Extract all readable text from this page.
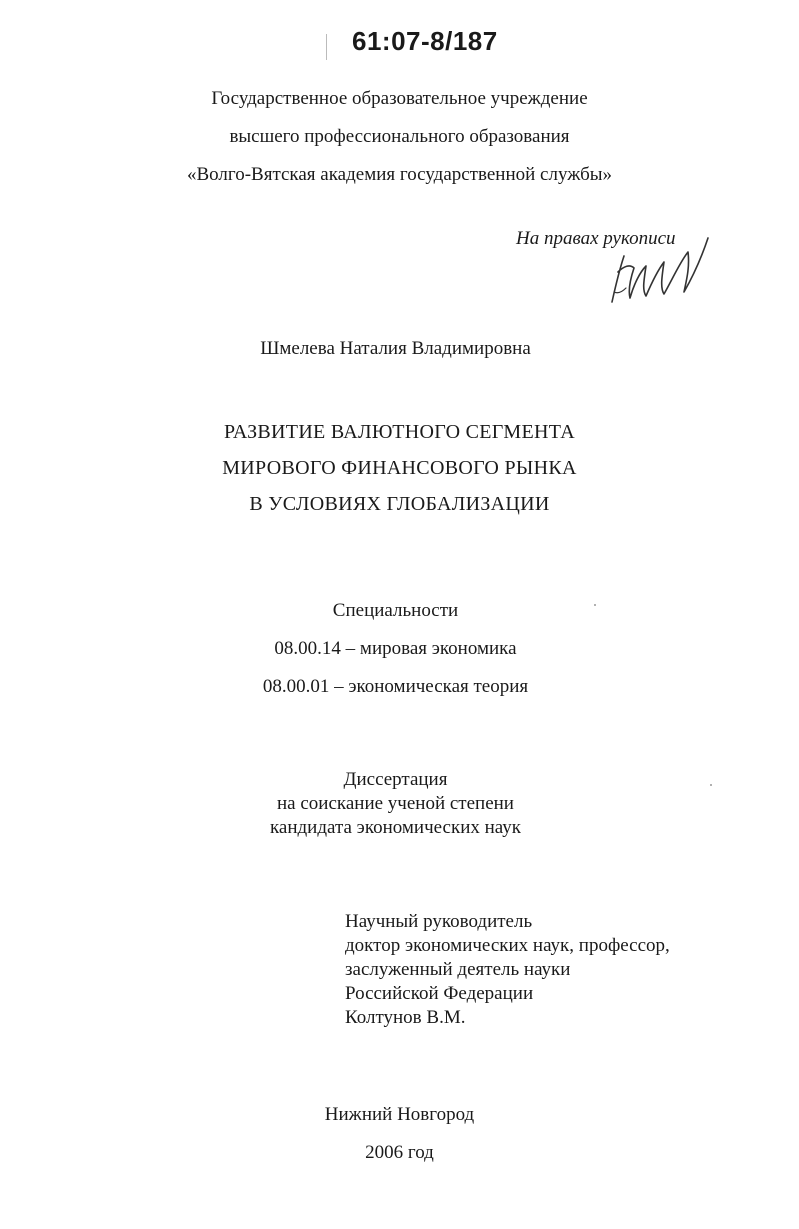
61:07-8/187
Государственное образовательное учреждение
высшего профессионального образования
«Волго-Вятская академия государственной службы»
На правах рукописи
Шмелева Наталия Владимировна
РАЗВИТИЕ ВАЛЮТНОГО СЕГМЕНТА
МИРОВОГО ФИНАНСОВОГО РЫНКА
В УСЛОВИЯХ ГЛОБАЛИЗАЦИИ
Специальности
08.00.14 – мировая экономика
08.00.01 – экономическая теория
Диссертация
на соискание ученой степени
кандидата экономических наук
Научный руководитель
доктор экономических наук, профессор,
заслуженный деятель науки
Российской Федерации
Колтунов В.М.
Нижний Новгород
2006 год
